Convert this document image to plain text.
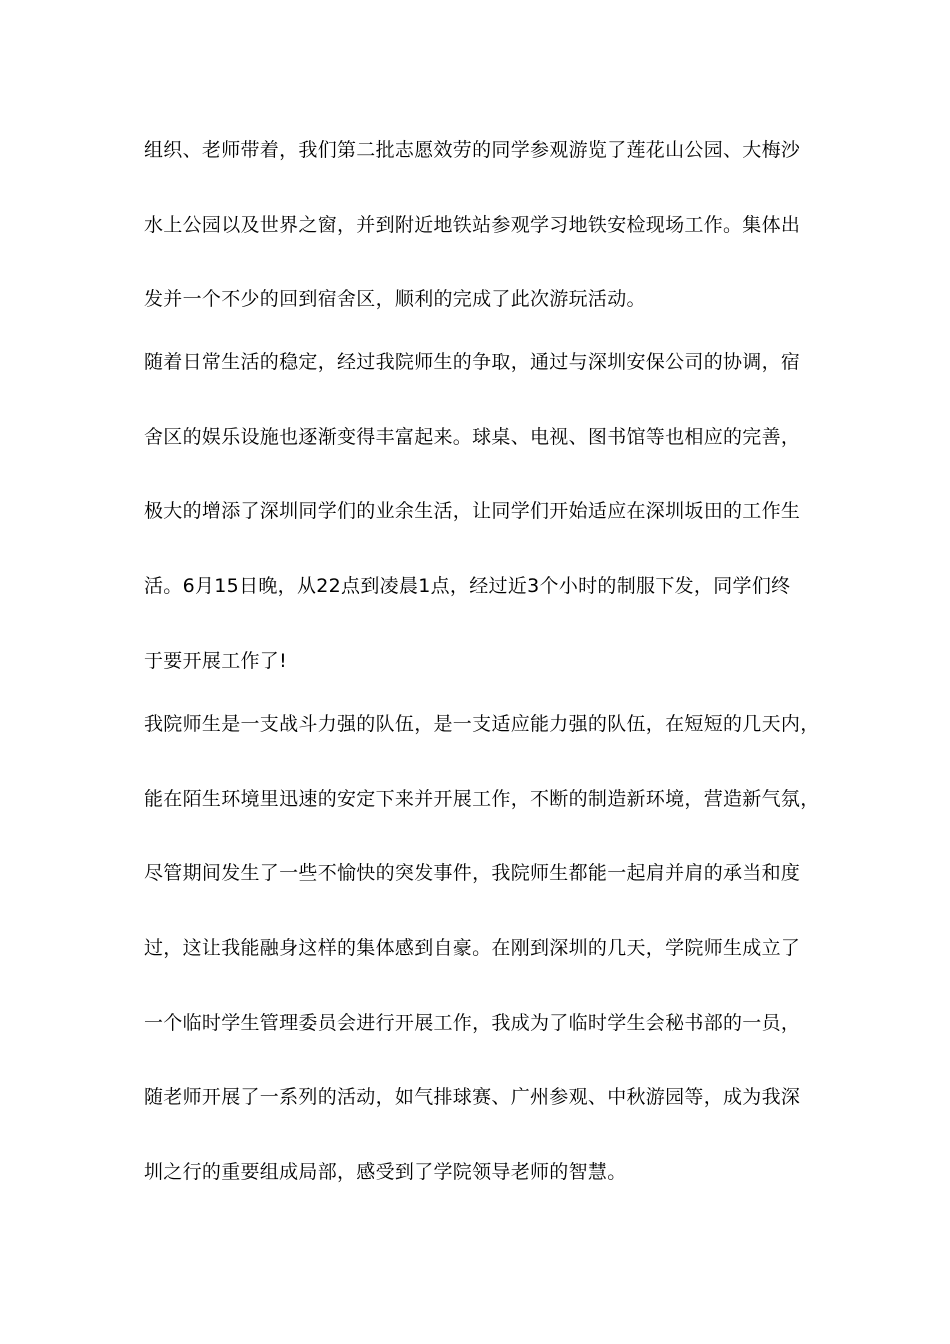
组织、老师带着，我们第二批志愿效劳的同学参观游览了莲花山公园、大梅沙
水上公园以及世界之窗，并到附近地铁站参观学习地铁安检现场工作。集体出
发并一个不少的回到宿舍区，顺利的完成了此次游玩活动。
随着日常生活的稳定，经过我院师生的争取，通过与深圳安保公司的协调，宿
舍区的娱乐设施也逐渐变得丰富起来。球桌、电视、图书馆等也相应的完善，
极大的增添了深圳同学们的业余生活，让同学们开始适应在深圳坂田的工作生
活。6月15日晚，从22点到凌晨1点，经过近3个小时的制服下发，同学们终
于要开展工作了!
我院师生是一支战斗力强的队伍，是一支适应能力强的队伍，在短短的几天内，
能在陌生环境里迅速的安定下来并开展工作，不断的制造新环境，营造新气氛，
尽管期间发生了一些不愉快的突发事件，我院师生都能一起肩并肩的承当和度
过，这让我能融身这样的集体感到自豪。在刚到深圳的几天，学院师生成立了
一个临时学生管理委员会进行开展工作，我成为了临时学生会秘书部的一员，
随老师开展了一系列的活动，如气排球赛、广州参观、中秋游园等，成为我深
圳之行的重要组成局部，感受到了学院领导老师的智慧。
